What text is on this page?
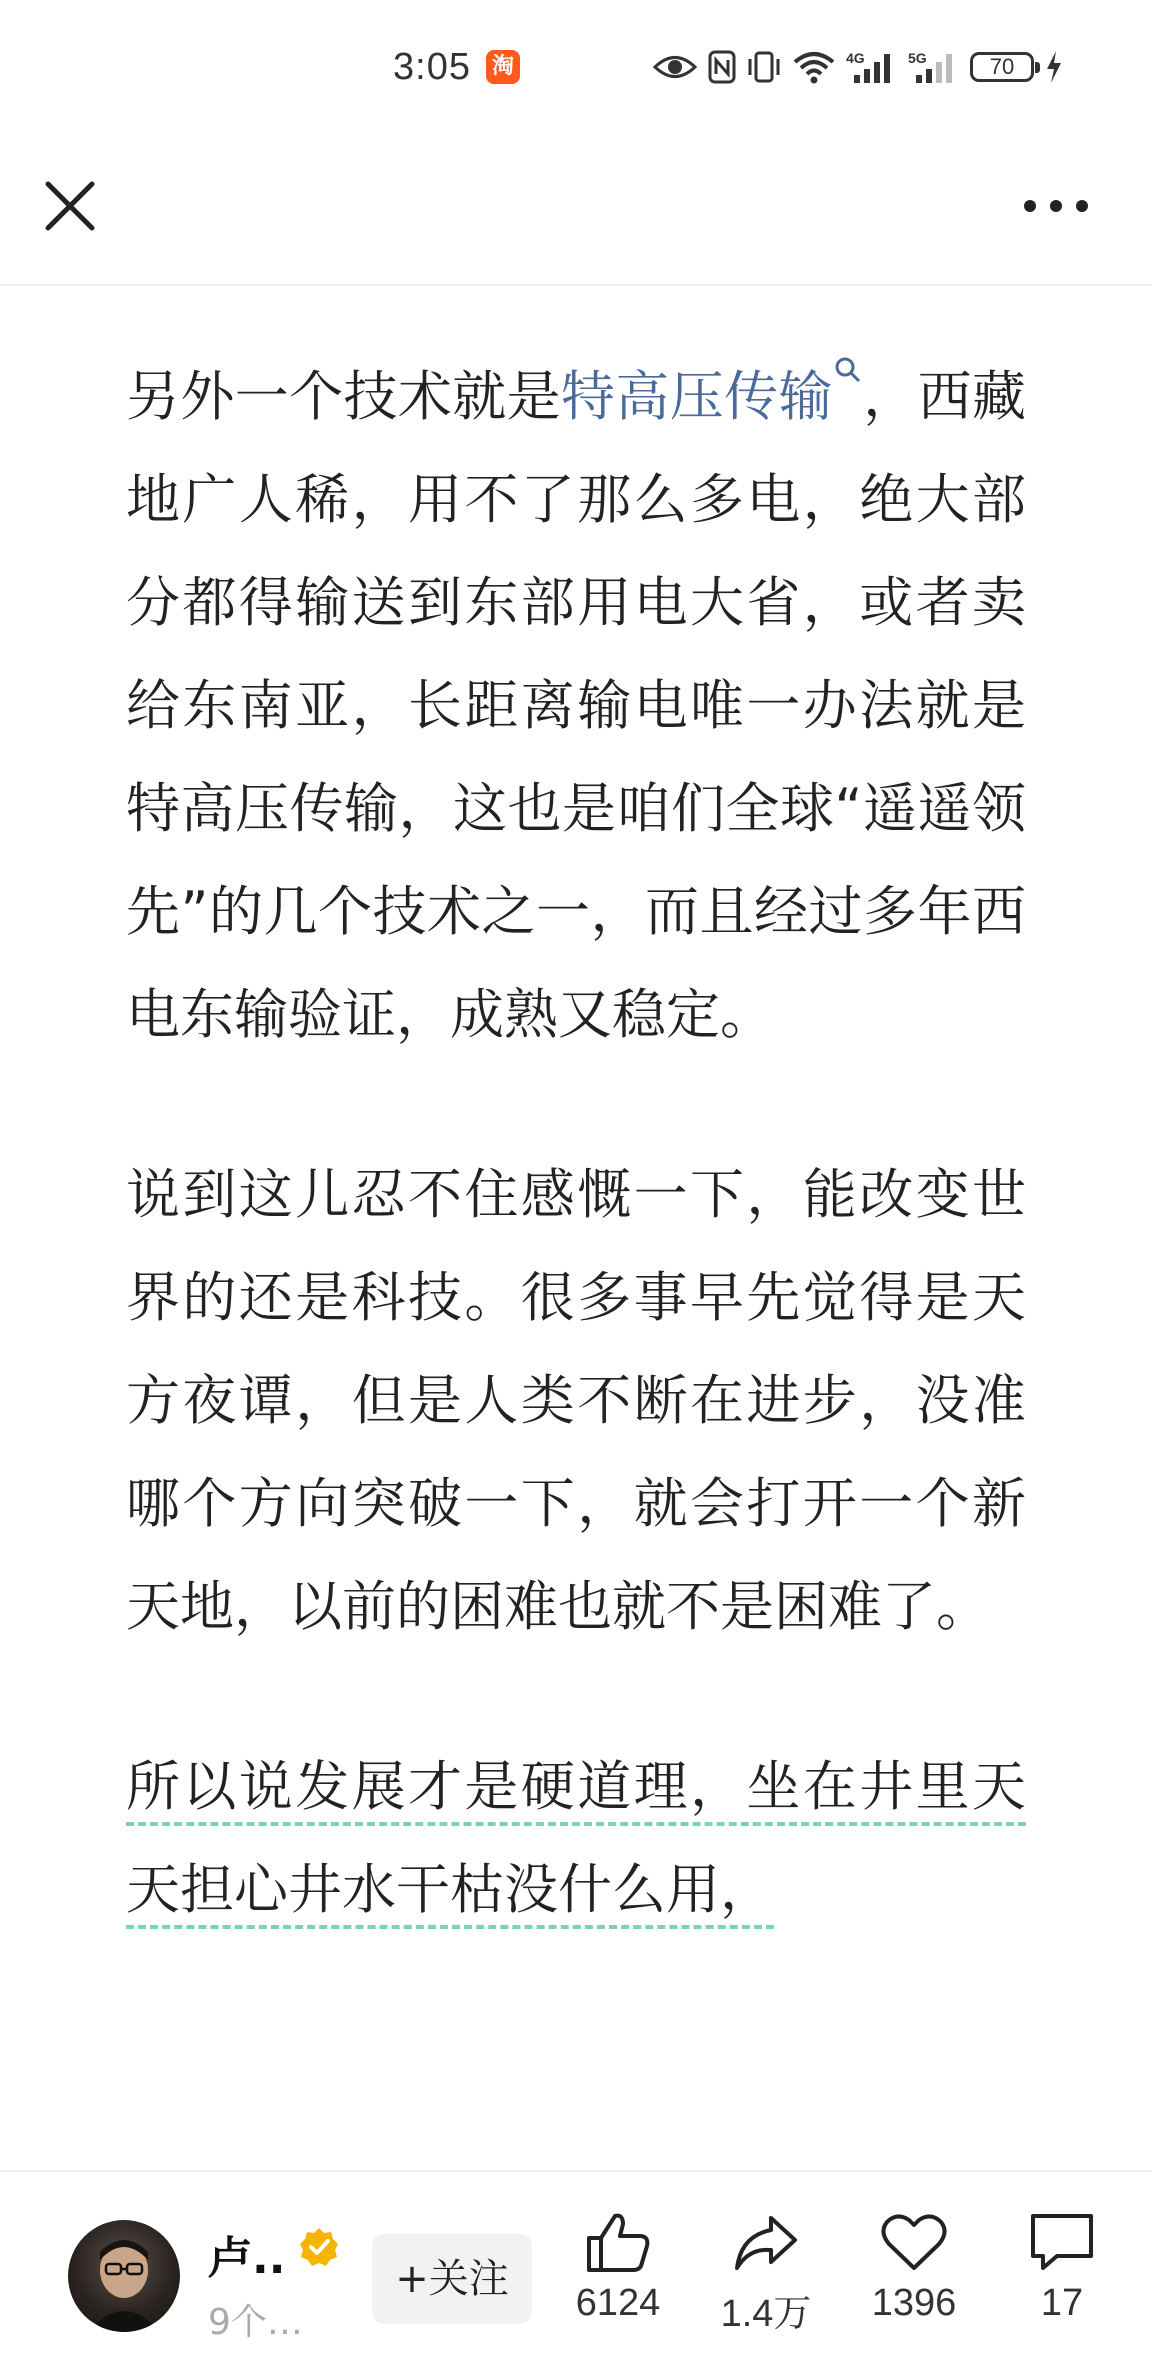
3:05 淘	4G	5G	70

另外一个技术就是特高压传输 ，西藏地广人稀，用不了那么多电，绝大部分都得输送到东部用电大省，或者卖给东南亚，长距离输电唯一办法就是特高压传输，这也是咱们全球“遥遥领先”的几个技术之一，而且经过多年西电东输验证，成熟又稳定。

说到这儿忍不住感慨一下，能改变世界的还是科技。很多事早先觉得是天方夜谭，但是人类不断在进步，没准哪个方向突破一下，就会打开一个新天地，以前的困难也就不是困难了。

所以说发展才是硬道理，坐在井里天天担心井水干枯没什么用，

卢..
9个…
+关注
6124	1.4万	1396	17
